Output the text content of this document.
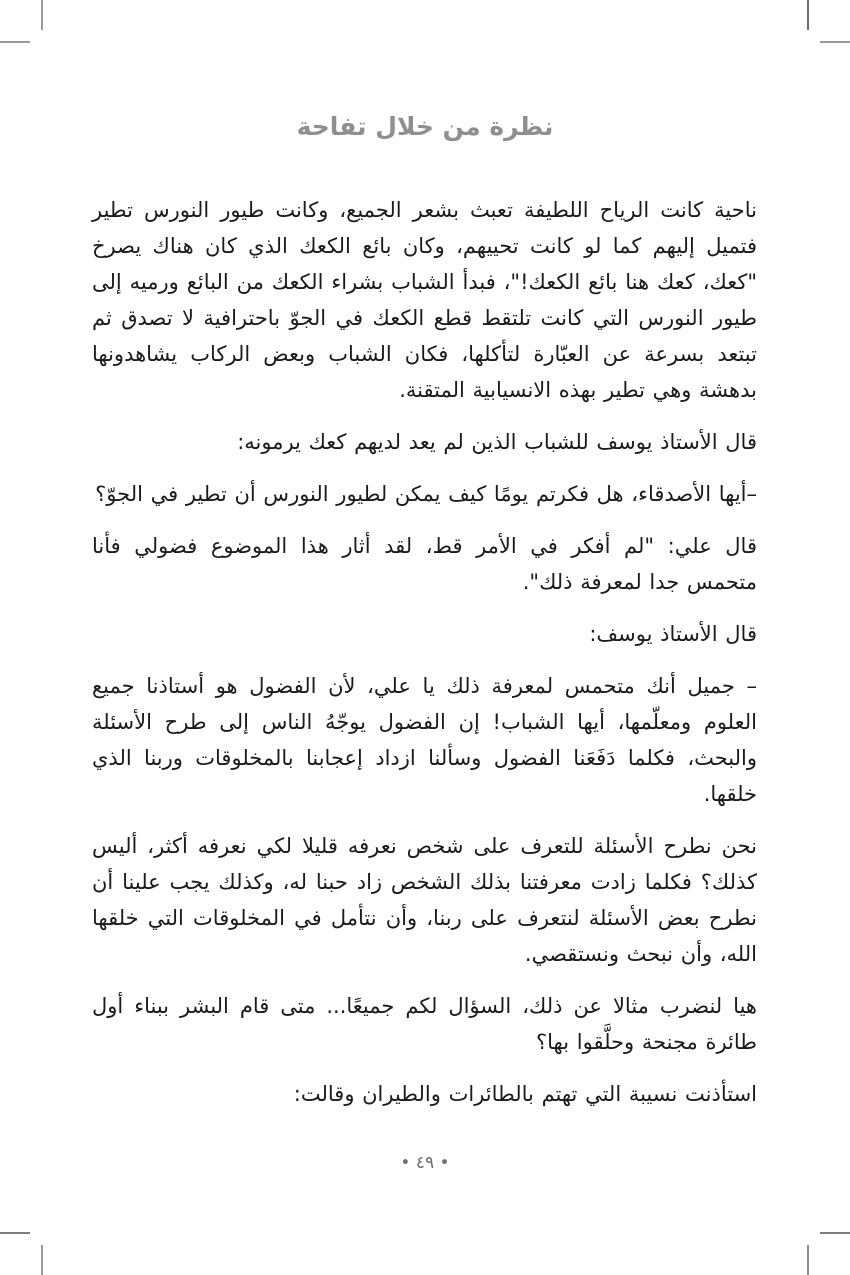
نظرة من خلال تفاحة

ناحية كانت الرياح اللطيفة تعبث بشعر الجميع، وكانت طيور النورس تطير فتميل إليهم كما لو كانت تحييهم، وكان بائع الكعك الذي كان هناك يصرخ "كعك، كعك هنا بائع الكعك!"، فبدأ الشباب بشراء الكعك من البائع ورميه إلى طيور النورس التي كانت تلتقط قطع الكعك في الجوّ باحترافية لا تصدق ثم تبتعد بسرعة عن العبّارة لتأكلها، فكان الشباب وبعض الركاب يشاهدونها بدهشة وهي تطير بهذه الانسيابية المتقنة.

قال الأستاذ يوسف للشباب الذين لم يعد لديهم كعك يرمونه:

–أيها الأصدقاء، هل فكرتم يومًا كيف يمكن لطيور النورس أن تطير في الجوّ؟

قال علي: "لم أفكر في الأمر قط، لقد أثار هذا الموضوع فضولي فأنا متحمس جدا لمعرفة ذلك".

قال الأستاذ يوسف:

– جميل أنك متحمس لمعرفة ذلك يا علي، لأن الفضول هو أستاذنا جميع العلوم ومعلّمها، أيها الشباب! إن الفضول يوجّهُ الناس إلى طرح الأسئلة والبحث، فكلما دَفَعَنا الفضول وسألنا ازداد إعجابنا بالمخلوقات وربنا الذي خلقها.

نحن نطرح الأسئلة للتعرف على شخص نعرفه قليلا لكي نعرفه أكثر، أليس كذلك؟ فكلما زادت معرفتنا بذلك الشخص زاد حبنا له، وكذلك يجب علينا أن نطرح بعض الأسئلة لنتعرف على ربنا، وأن نتأمل في المخلوقات التي خلقها الله، وأن نبحث ونستقصي.

هيا لنضرب مثالا عن ذلك، السؤال لكم جميعًا... متى قام البشر ببناء أول طائرة مجنحة وحلَّقوا بها؟

استأذنت نسيبة التي تهتم بالطائرات والطيران وقالت:

• ٤٩ •
